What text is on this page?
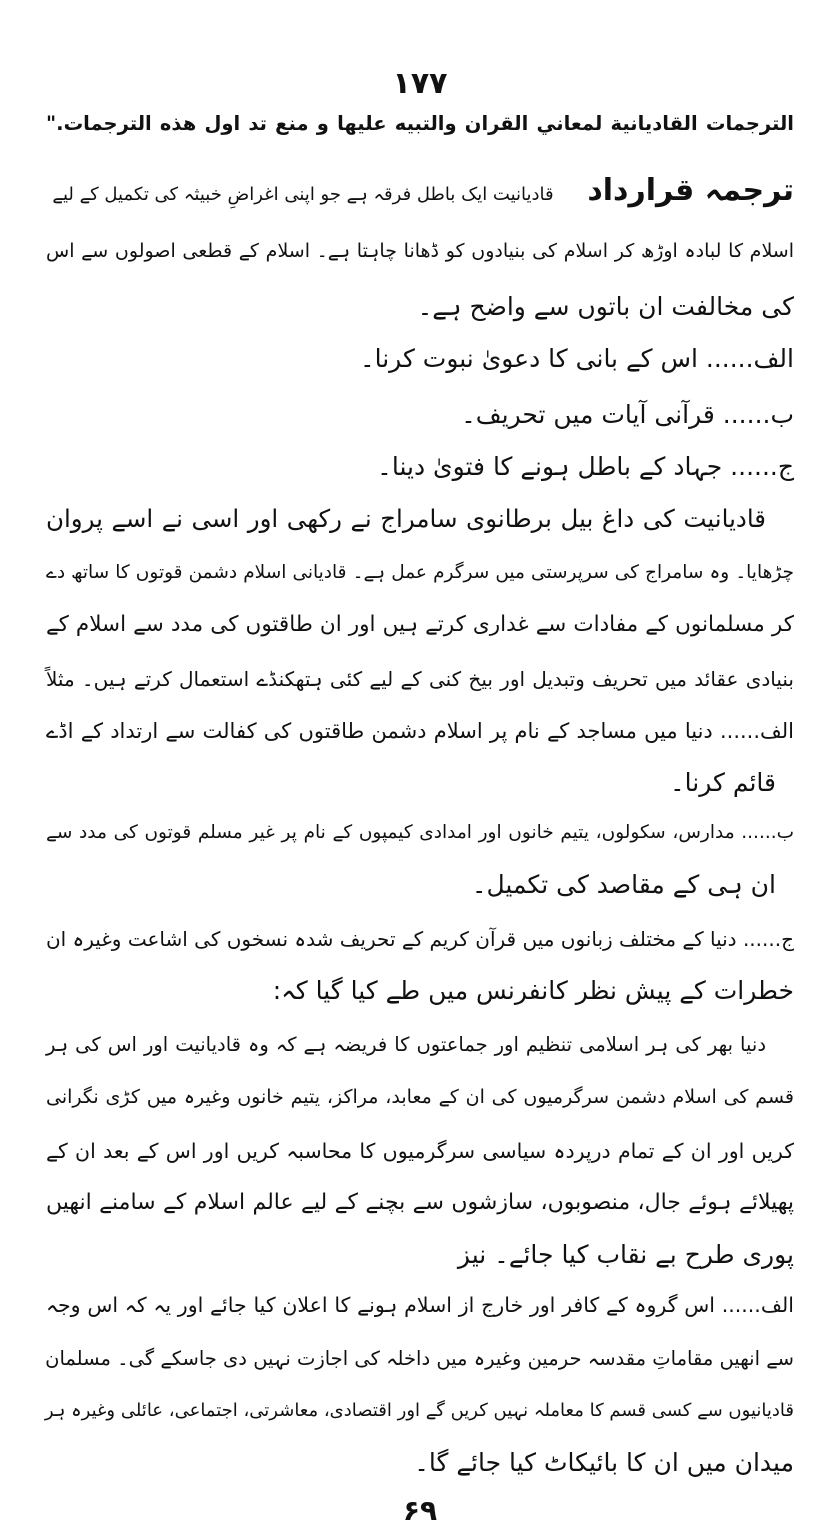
۱۷۷
الترجمات القاديانية لمعاني القران والتبيه عليها و منع تد اول هذه الترجمات."
ترجمہ قرارداد قادیانیت ایک باطل فرقہ ہے جو اپنی اغراضِ خبیثہ کی تکمیل کے لیے
اسلام کا لبادہ اوڑھ کر اسلام کی بنیادوں کو ڈھانا چاہتا ہے۔ اسلام کے قطعی اصولوں سے اس
کی مخالفت ان باتوں سے واضح ہے۔
الف...... اس کے بانی کا دعویٰ نبوت کرنا۔
ب...... قرآنی آیات میں تحریف۔
ج...... جہاد کے باطل ہونے کا فتویٰ دینا۔
قادیانیت کی داغ بیل برطانوی سامراج نے رکھی اور اسی نے اسے پروان
چڑھایا۔ وہ سامراج کی سرپرستی میں سرگرم عمل ہے۔ قادیانی اسلام دشمن قوتوں کا ساتھ دے
کر مسلمانوں کے مفادات سے غداری کرتے ہیں اور ان طاقتوں کی مدد سے اسلام کے
بنیادی عقائد میں تحریف وتبدیل اور بیخ کنی کے لیے کئی ہتھکنڈے استعمال کرتے ہیں۔ مثلاً
الف...... دنیا میں مساجد کے نام پر اسلام دشمن طاقتوں کی کفالت سے ارتداد کے اڈے
قائم کرنا۔
ب...... مدارس، سکولوں، یتیم خانوں اور امدادی کیمپوں کے نام پر غیر مسلم قوتوں کی مدد سے
ان ہی کے مقاصد کی تکمیل۔
ج...... دنیا کے مختلف زبانوں میں قرآن کریم کے تحریف شدہ نسخوں کی اشاعت وغیرہ ان
خطرات کے پیش نظر کانفرنس میں طے کیا گیا کہ:
دنیا بھر کی ہر اسلامی تنظیم اور جماعتوں کا فریضہ ہے کہ وہ قادیانیت اور اس کی ہر
قسم کی اسلام دشمن سرگرمیوں کی ان کے معابد، مراکز، یتیم خانوں وغیرہ میں کڑی نگرانی
کریں اور ان کے تمام درپردہ سیاسی سرگرمیوں کا محاسبہ کریں اور اس کے بعد ان کے
پھیلائے ہوئے جال، منصوبوں، سازشوں سے بچنے کے لیے عالم اسلام کے سامنے انھیں
پوری طرح بے نقاب کیا جائے۔ نیز
الف...... اس گروہ کے کافر اور خارج از اسلام ہونے کا اعلان کیا جائے اور یہ کہ اس وجہ
سے انھیں مقاماتِ مقدسہ حرمین وغیرہ میں داخلہ کی اجازت نہیں دی جاسکے گی۔ مسلمان
قادیانیوں سے کسی قسم کا معاملہ نہیں کریں گے اور اقتصادی، معاشرتی، اجتماعی، عائلی وغیرہ ہر
میدان میں ان کا بائیکاٹ کیا جائے گا۔
۶۹
